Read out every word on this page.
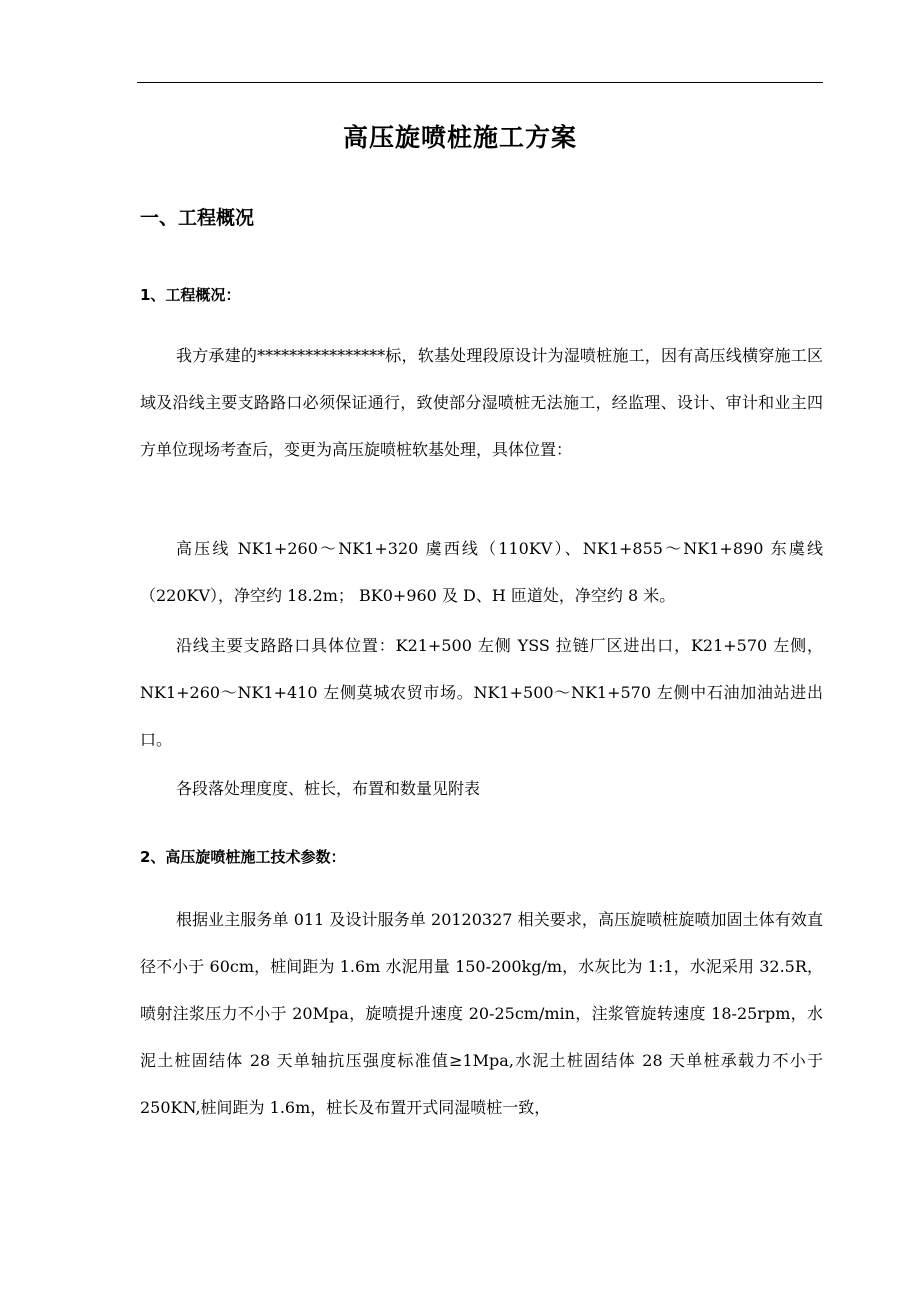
高压旋喷桩施工方案
一、工程概况
1、工程概况：

我方承建的****************标，软基处理段原设计为湿喷桩施工，因有高压线横穿施工区域及沿线主要支路路口必须保证通行，致使部分湿喷桩无法施工，经监理、设计、审计和业主四方单位现场考查后，变更为高压旋喷桩软基处理，具体位置：

高压线 NK1+260～NK1+320 虞西线（110KV）、NK1+855～NK1+890 东虞线（220KV），净空约 18.2m； BK0+960 及 D、H 匝道处，净空约 8 米。

沿线主要支路路口具体位置：K21+500 左侧 YSS 拉链厂区进出口，K21+570 左侧，NK1+260～NK1+410 左侧莫城农贸市场。NK1+500～NK1+570 左侧中石油加油站进出口。

各段落处理度度、桩长，布置和数量见附表

2、高压旋喷桩施工技术参数：

根据业主服务单 011 及设计服务单 20120327 相关要求，高压旋喷桩旋喷加固土体有效直径不小于 60cm，桩间距为 1.6m 水泥用量 150-200kg/m，水灰比为 1:1，水泥采用 32.5R，喷射注浆压力不小于 20Mpa，旋喷提升速度 20-25cm/min，注浆管旋转速度 18-25rpm，水泥土桩固结体 28 天单轴抗压强度标准值≥1Mpa,水泥土桩固结体 28 天单桩承载力不小于 250KN,桩间距为 1.6m，桩长及布置开式同湿喷桩一致，
